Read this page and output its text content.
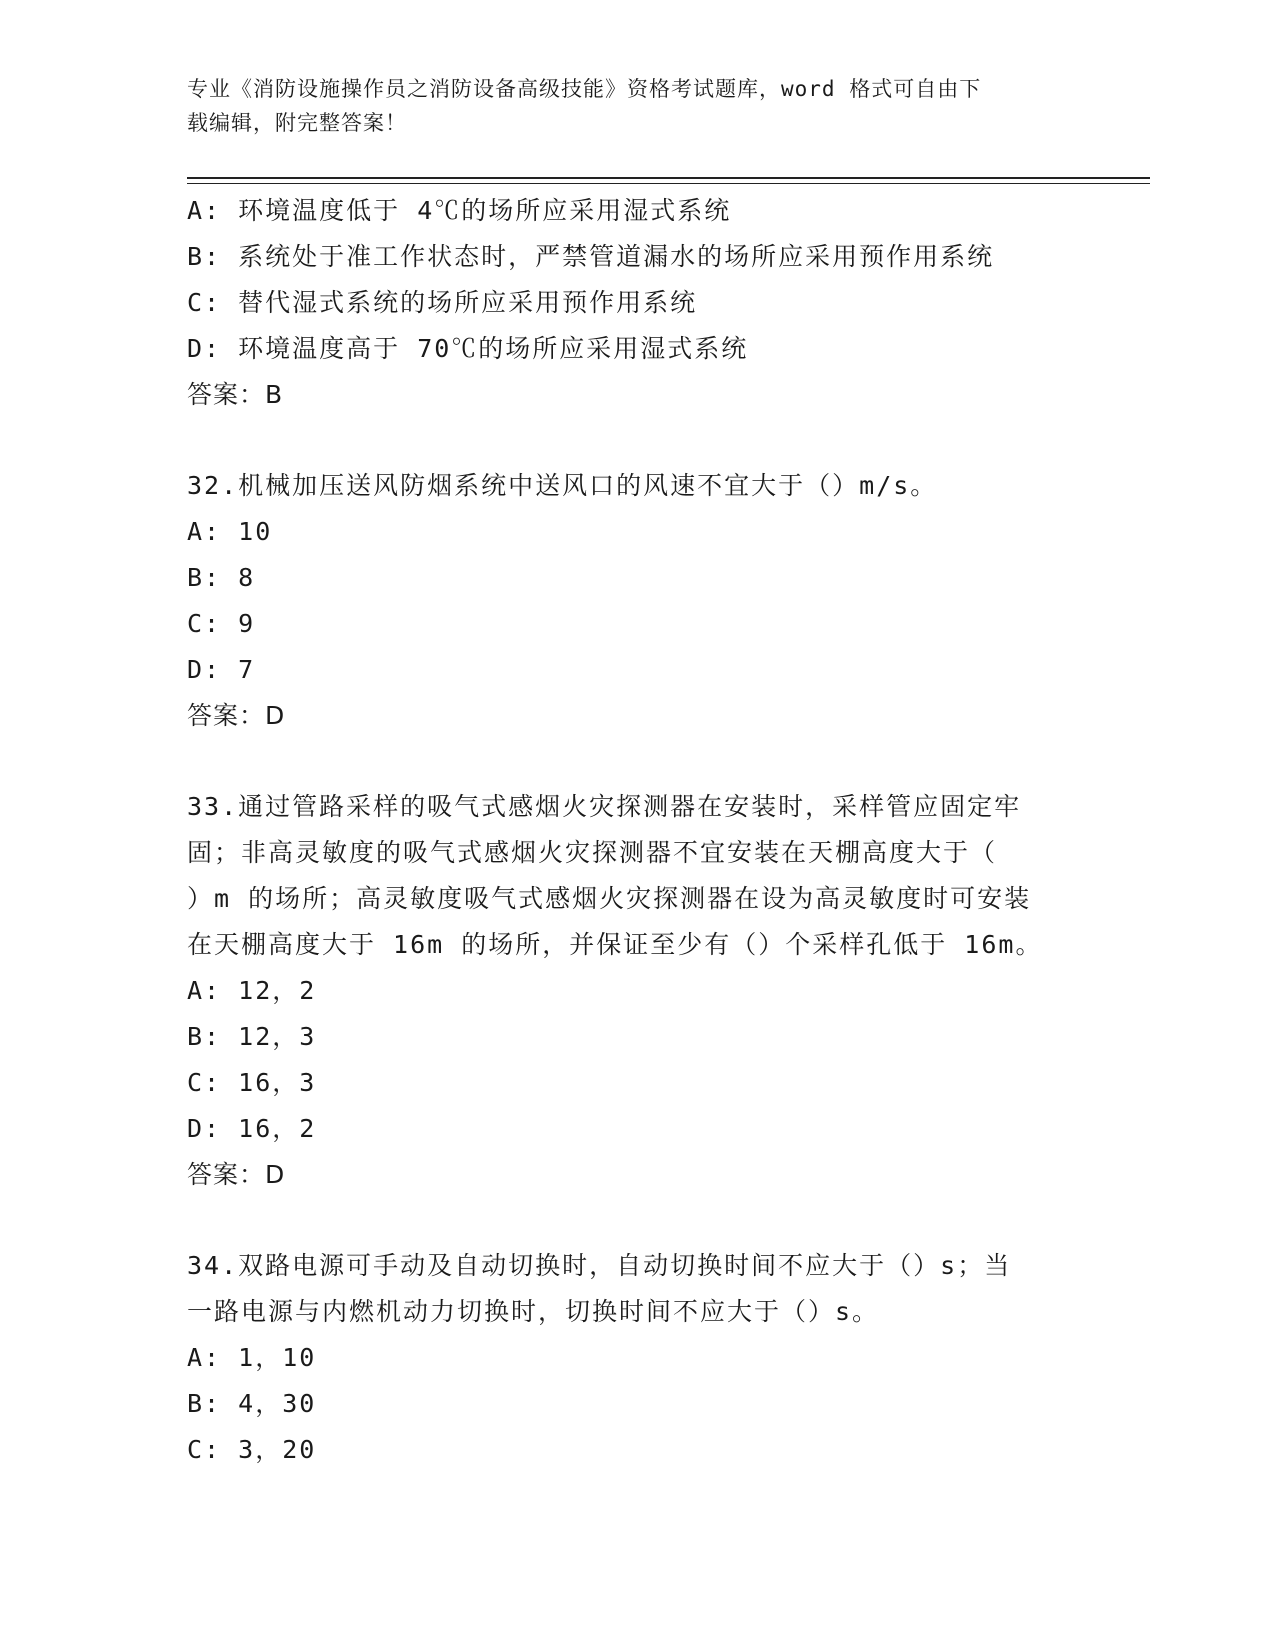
专业《消防设施操作员之消防设备高级技能》资格考试题库，word 格式可自由下
载编辑，附完整答案！
A: 环境温度低于 4℃的场所应采用湿式系统
B: 系统处于准工作状态时，严禁管道漏水的场所应采用预作用系统
C: 替代湿式系统的场所应采用预作用系统
D: 环境温度高于 70℃的场所应采用湿式系统
答案：B
32.机械加压送风防烟系统中送风口的风速不宜大于（）m/s。
A: 10
B: 8
C: 9
D: 7
答案：D
33.通过管路采样的吸气式感烟火灾探测器在安装时，采样管应固定牢
固；非高灵敏度的吸气式感烟火灾探测器不宜安装在天棚高度大于（
）m 的场所；高灵敏度吸气式感烟火灾探测器在设为高灵敏度时可安装
在天棚高度大于 16m 的场所，并保证至少有（）个采样孔低于 16m。
A: 12，2
B: 12，3
C: 16，3
D: 16，2
答案：D
34.双路电源可手动及自动切换时，自动切换时间不应大于（）s；当
一路电源与内燃机动力切换时，切换时间不应大于（）s。
A: 1，10
B: 4，30
C: 3，20
